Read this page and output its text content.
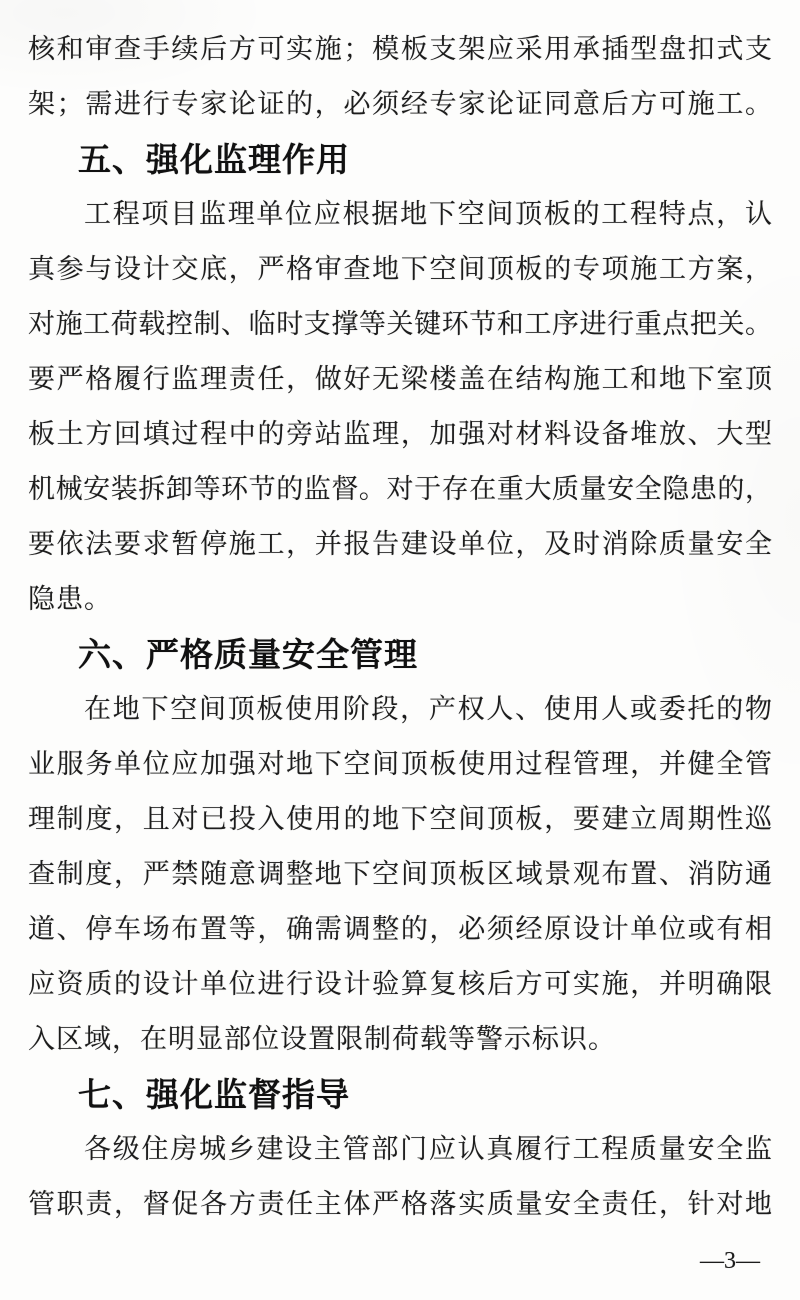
核和审查手续后方可实施；模板支架应采用承插型盘扣式支
架；需进行专家论证的，必须经专家论证同意后方可施工。
五、强化监理作用
工程项目监理单位应根据地下空间顶板的工程特点，认
真参与设计交底，严格审查地下空间顶板的专项施工方案，
对施工荷载控制、临时支撑等关键环节和工序进行重点把关。
要严格履行监理责任，做好无梁楼盖在结构施工和地下室顶
板土方回填过程中的旁站监理，加强对材料设备堆放、大型
机械安装拆卸等环节的监督。对于存在重大质量安全隐患的，
要依法要求暂停施工，并报告建设单位，及时消除质量安全
隐患。
六、严格质量安全管理
在地下空间顶板使用阶段，产权人、使用人或委托的物
业服务单位应加强对地下空间顶板使用过程管理，并健全管
理制度，且对已投入使用的地下空间顶板，要建立周期性巡
查制度，严禁随意调整地下空间顶板区域景观布置、消防通
道、停车场布置等，确需调整的，必须经原设计单位或有相
应资质的设计单位进行设计验算复核后方可实施，并明确限
入区域，在明显部位设置限制荷载等警示标识。
七、强化监督指导
各级住房城乡建设主管部门应认真履行工程质量安全监
管职责，督促各方责任主体严格落实质量安全责任，针对地
—3—
